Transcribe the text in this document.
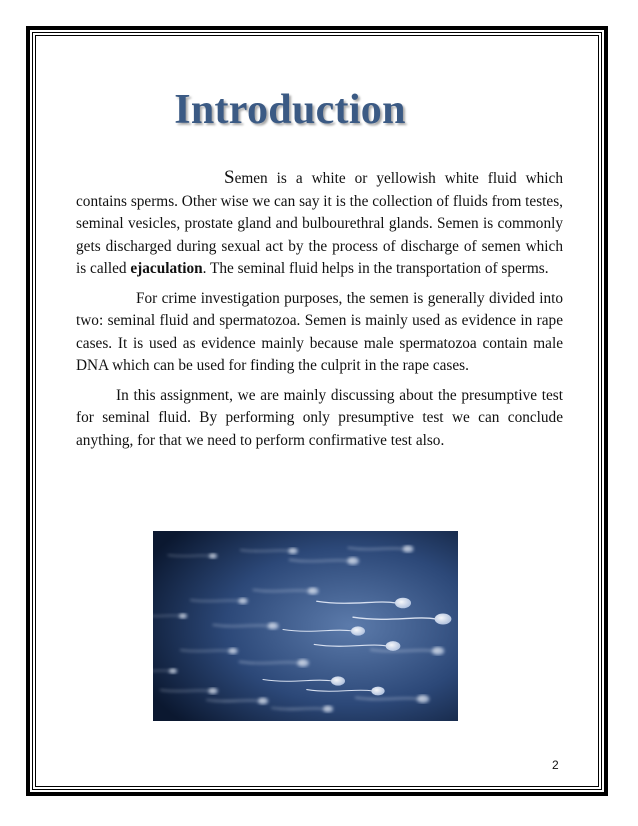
Introduction

Semen is a white or yellowish white fluid which contains sperms. Other wise we can say it is the collection of fluids from testes, seminal vesicles, prostate gland and bulbourethral glands. Semen is commonly gets discharged during sexual act by the process of discharge of semen which is called ejaculation. The seminal fluid helps in the transportation of sperms.

For crime investigation purposes, the semen is generally divided into two: seminal fluid and spermatozoa. Semen is mainly used as evidence in rape cases. It is used as evidence mainly because male spermatozoa contain male DNA which can be used for finding the culprit in the rape cases.

In this assignment, we are mainly discussing about the presumptive test for seminal fluid. By performing only presumptive test we can conclude anything, for that we need to perform confirmative test also.

2
